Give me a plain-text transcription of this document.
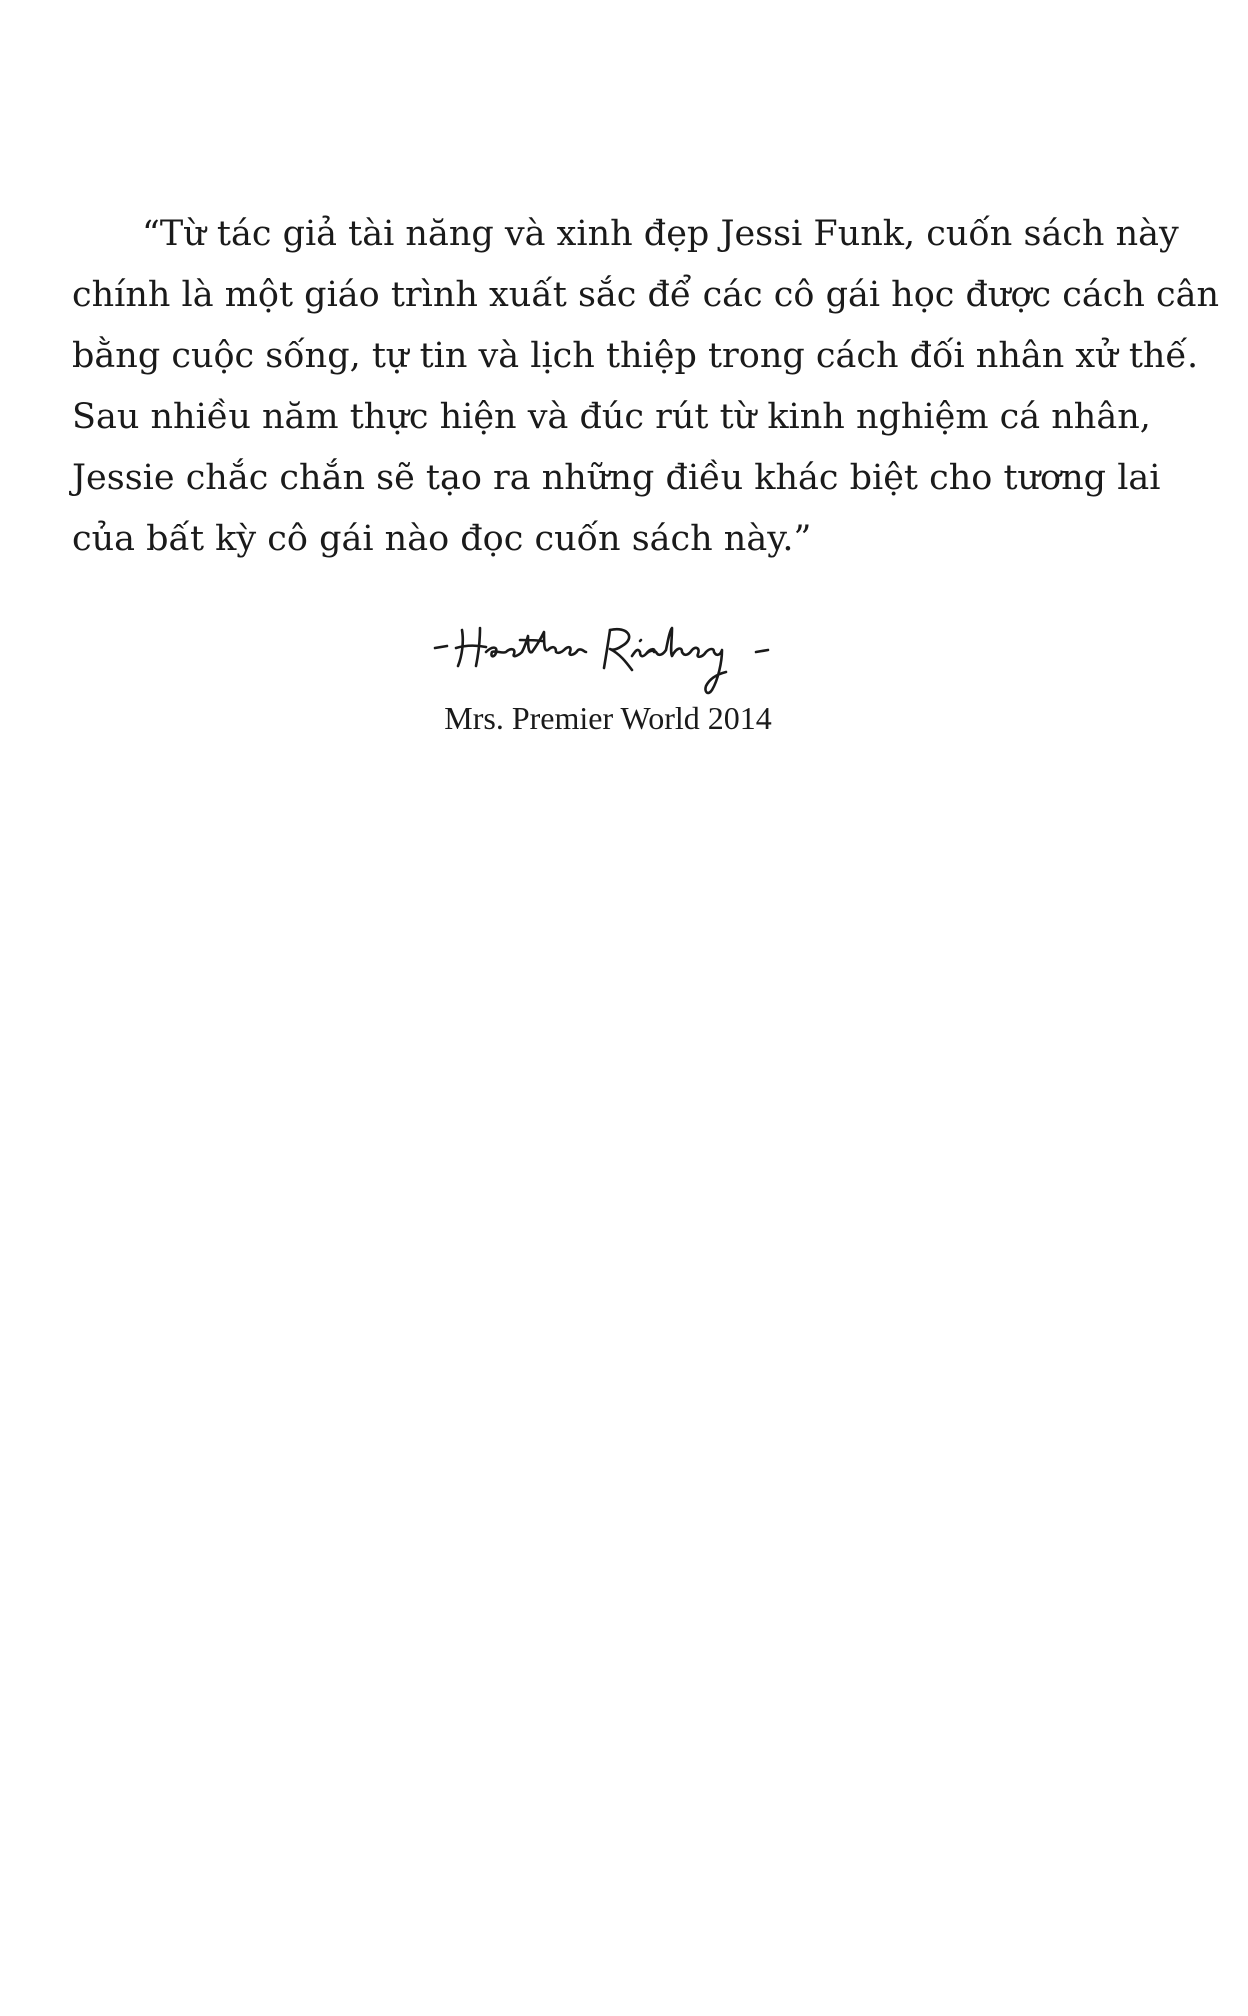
“Từ tác giả tài năng và xinh đẹp Jessi Funk, cuốn sách này
chính là một giáo trình xuất sắc để các cô gái học được cách cân
bằng cuộc sống, tự tin và lịch thiệp trong cách đối nhân xử thế.
Sau nhiều năm thực hiện và đúc rút từ kinh nghiệm cá nhân,
Jessie chắc chắn sẽ tạo ra những điều khác biệt cho tương lai
của bất kỳ cô gái nào đọc cuốn sách này.”
Mrs. Premier World 2014
